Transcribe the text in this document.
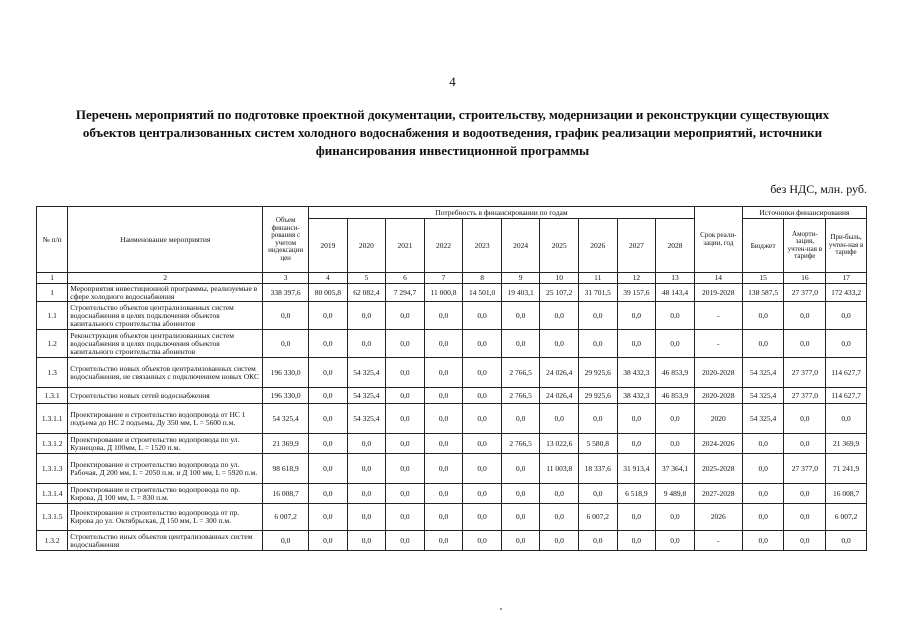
4
Перечень мероприятий по подготовке проектной документации, строительству, модернизации и реконструкции существующих объектов централизованных систем холодного водоснабжения и водоотведения, график реализации мероприятий, источники финансирования инвестиционной программы
без НДС, млн. руб.
№ п/п	Наименование мероприятия	Объем финанси-рования с учетом индексации цен	Потребность в финансировании по годам										Срок реали-зации, год	Источники финансирования		
			2019	2020	2021	2022	2023	2024	2025	2026	2027	2028		Бюджет	Аморти-зация, учтен-ная в тарифе	При-быль, учтен-ная в тарифе
1	2	3	4	5	6	7	8	9	10	11	12	13	14	15	16	17
1	Мероприятия инвестиционной программы, реализуемые в сфере холодного водоснабжения	338 397,6	80 005,8	62 082,4	7 294,7	11 000,8	14 501,0	19 403,1	25 107,2	31 701,5	39 157,6	48 143,4	2019-2028	138 587,5	27 377,0	172 433,2
1.1	Строительство объектов централизованных систем водоснабжения в целях подключения объектов капитального строительства абонентов	0,0	0,0	0,0	0,0	0,0	0,0	0,0	0,0	0,0	0,0	0,0	-	0,0	0,0	0,0
1.2	Реконструкция объектов централизованных систем водоснабжения в целях подключения объектов капитального строительства абонентов	0,0	0,0	0,0	0,0	0,0	0,0	0,0	0,0	0,0	0,0	0,0	-	0,0	0,0	0,0
1.3	Строительство новых объектов централизованных систем водоснабжения, не связанных с подключением новых ОКС	196 330,0	0,0	54 325,4	0,0	0,0	0,0	2 766,5	24 026,4	29 925,6	38 432,3	46 853,9	2020-2028	54 325,4	27 377,0	114 627,7
1.3.1	Строительство новых сетей водоснабжения	196 330,0	0,0	54 325,4	0,0	0,0	0,0	2 766,5	24 026,4	29 925,6	38 432,3	46 853,9	2020-2028	54 325,4	27 377,0	114 627,7
1.3.1.1	Проектирование и строительство водопровода от НС 1 подъема до НС 2 подъема, Ду 350 мм, L = 5600 п.м.	54 325,4	0,0	54 325,4	0,0	0,0	0,0	0,0	0,0	0,0	0,0	0,0	2020	54 325,4	0,0	0,0
1.3.1.2	Проектирование и строительство водопровода по ул. Кузнецова, Д 100мм, L = 1520 п.м.	21 369,9	0,0	0,0	0,0	0,0	0,0	2 766,5	13 022,6	5 580,8	0,0	0,0	2024-2026	0,0	0,0	21 369,9
1.3.1.3	Проектирование и строительство водопровода по ул. Рабочая, Д 200 мм, L = 2050 п.м. и Д 100 мм, L = 5920 п.м.	98 618,9	0,0	0,0	0,0	0,0	0,0	0,0	11 003,8	18 337,6	31 913,4	37 364,1	2025-2028	0,0	27 377,0	71 241,9
1.3.1.4	Проектирование и строительство водопровода по пр. Кирова, Д 100 мм, L = 830 п.м.	16 008,7	0,0	0,0	0,0	0,0	0,0	0,0	0,0	0,0	6 518,9	9 489,8	2027-2028	0,0	0,0	16 008,7
1.3.1.5	Проектирование и строительство водопровода от пр. Кирова до ул. Октябрьская, Д 150 мм, L = 300 п.м.	6 007,2	0,0	0,0	0,0	0,0	0,0	0,0	0,0	6 007,2	0,0	0,0	2026	0,0	0,0	6 007,2
1.3.2	Строительство иных объектов централизованных систем водоснабжения	0,0	0,0	0,0	0,0	0,0	0,0	0,0	0,0	0,0	0,0	0,0	-	0,0	0,0	0,0
